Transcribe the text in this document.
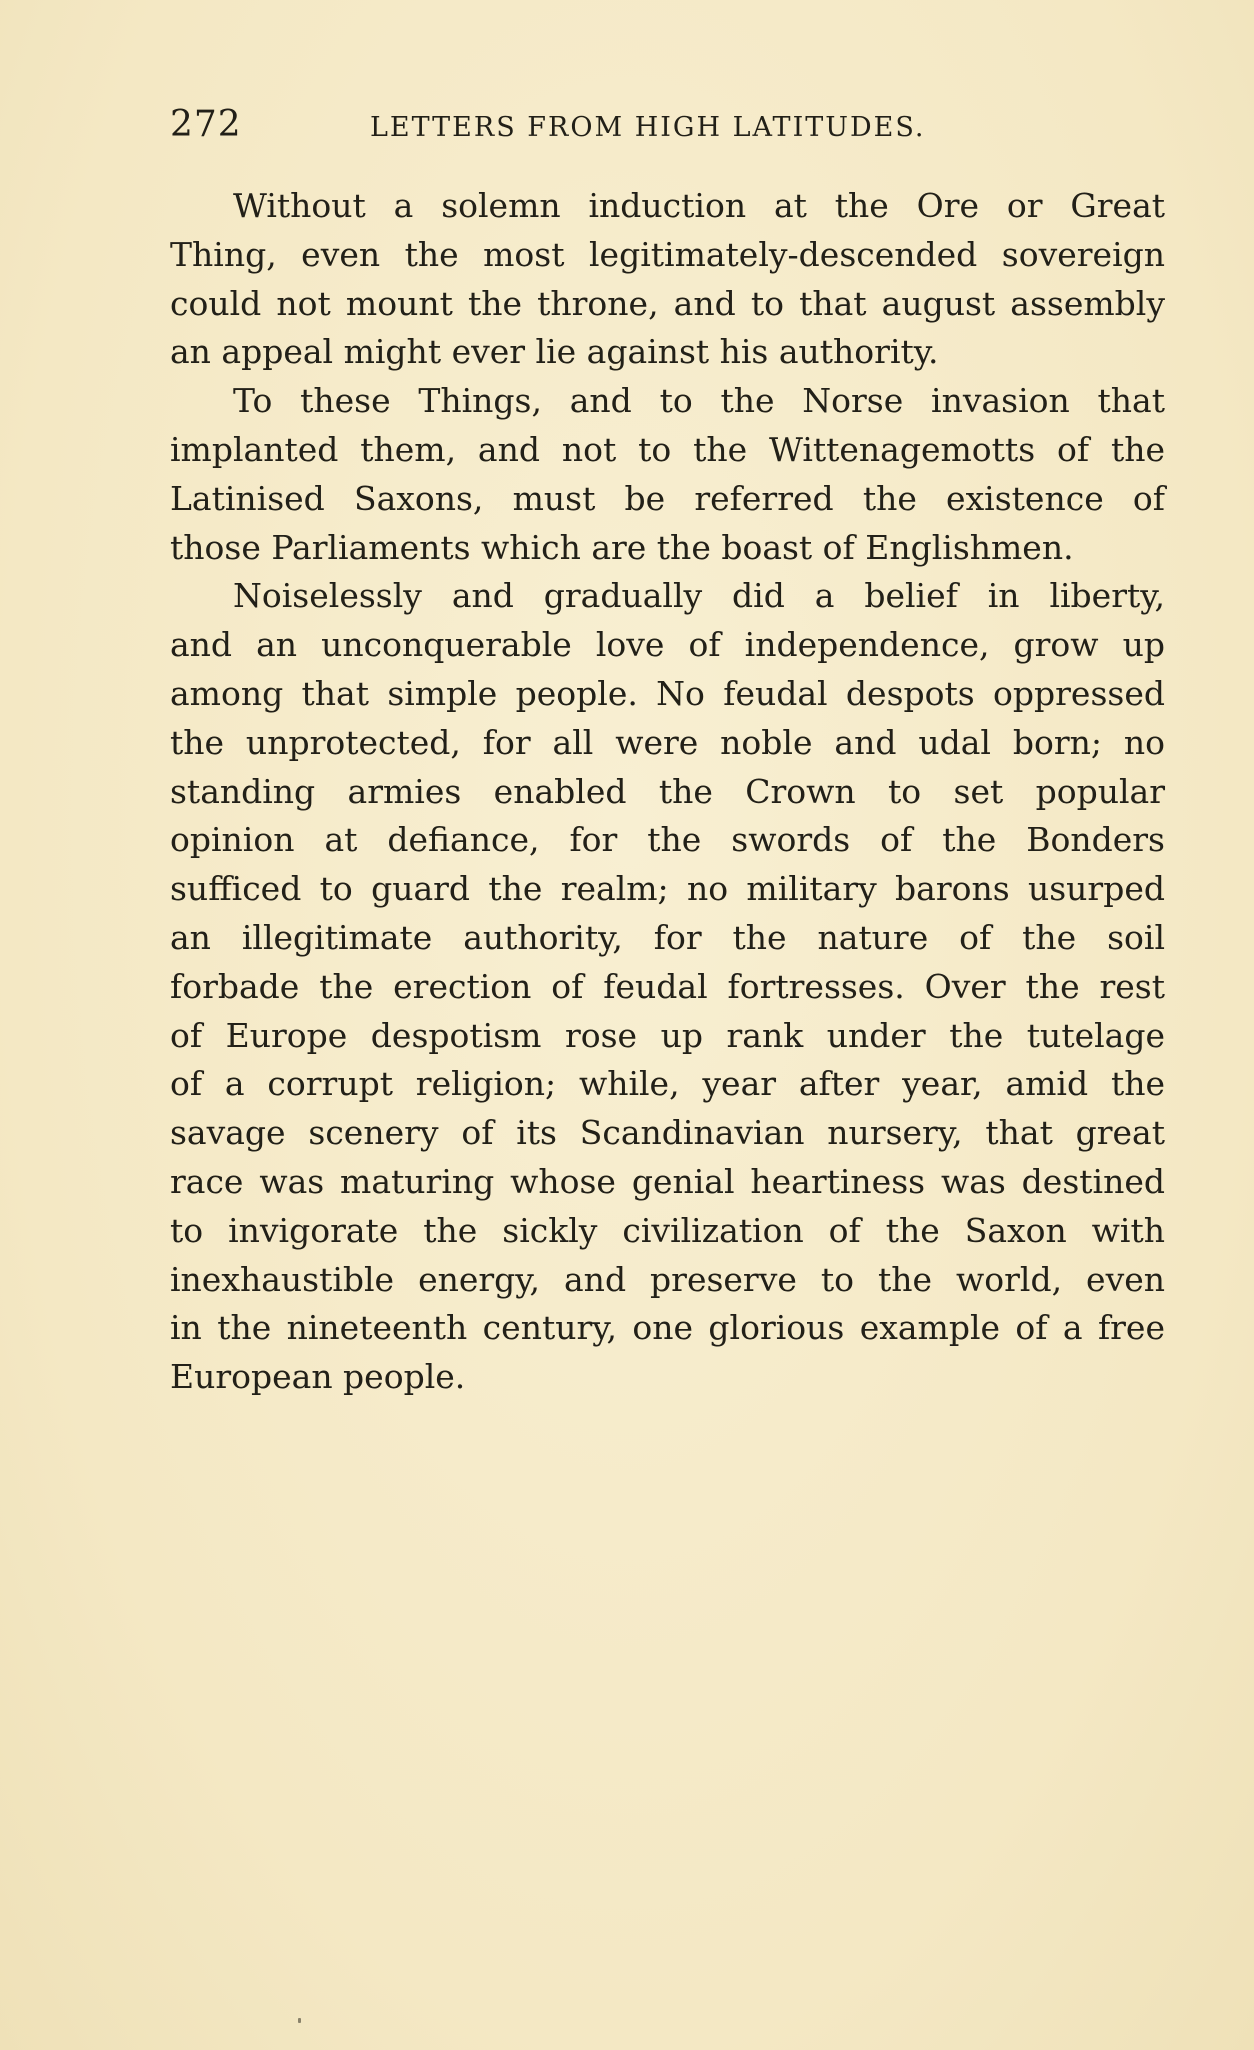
272	LETTERS FROM HIGH LATITUDES.
Without a solemn induction at the Ore or Great
Thing, even the most legitimately-descended sovereign
could not mount the throne, and to that august assembly
an appeal might ever lie against his authority.
To these Things, and to the Norse invasion that
implanted them, and not to the Wittenagemotts of the
Latinised Saxons, must be referred the existence of
those Parliaments which are the boast of Englishmen.
Noiselessly and gradually did a belief in liberty,
and an unconquerable love of independence, grow up
among that simple people. No feudal despots oppressed
the unprotected, for all were noble and udal born; no
standing armies enabled the Crown to set popular
opinion at defiance, for the swords of the Bonders
sufficed to guard the realm; no military barons usurped
an illegitimate authority, for the nature of the soil
forbade the erection of feudal fortresses. Over the rest
of Europe despotism rose up rank under the tutelage
of a corrupt religion; while, year after year, amid the
savage scenery of its Scandinavian nursery, that great
race was maturing whose genial heartiness was destined
to invigorate the sickly civilization of the Saxon with
inexhaustible energy, and preserve to the world, even
in the nineteenth century, one glorious example of a free
European people.
